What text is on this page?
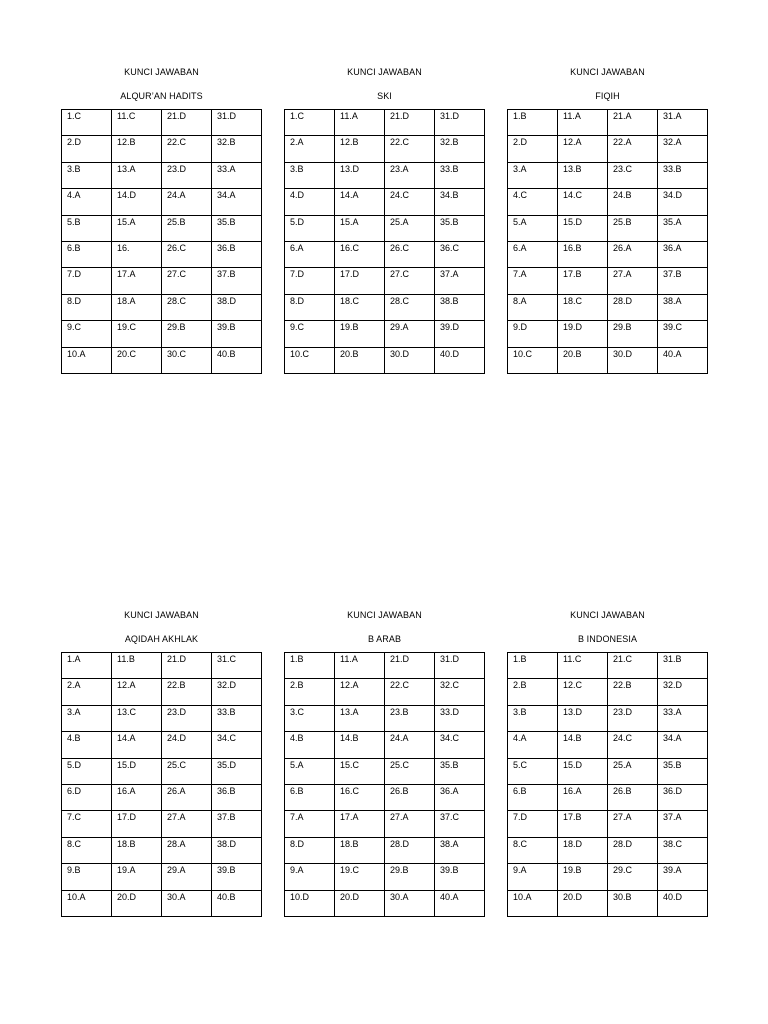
KUNCI JAWABAN
ALQUR’AN HADITS
1.C	11.C	21.D	31.D
2.D	12.B	22.C	32.B
3.B	13.A	23.D	33.A
4.A	14.D	24.A	34.A
5.B	15.A	25.B	35.B
6.B	16.	26.C	36.B
7.D	17.A	27.C	37.B
8.D	18.A	28.C	38.D
9.C	19.C	29.B	39.B
10.A	20.C	30.C	40.B
KUNCI JAWABAN
SKI
1.C	11.A	21.D	31.D
2.A	12.B	22.C	32.B
3.B	13.D	23.A	33.B
4.D	14.A	24.C	34.B
5.D	15.A	25.A	35.B
6.A	16.C	26.C	36.C
7.D	17.D	27.C	37.A
8.D	18.C	28.C	38.B
9.C	19.B	29.A	39.D
10.C	20.B	30.D	40.D
KUNCI JAWABAN
FIQIH
1.B	11.A	21.A	31.A
2.D	12.A	22.A	32.A
3.A	13.B	23.C	33.B
4.C	14.C	24.B	34.D
5.A	15.D	25.B	35.A
6.A	16.B	26.A	36.A
7.A	17.B	27.A	37.B
8.A	18.C	28.D	38.A
9.D	19.D	29.B	39.C
10.C	20.B	30.D	40.A
KUNCI JAWABAN
AQIDAH AKHLAK
1.A	11.B	21.D	31.C
2.A	12.A	22.B	32.D
3.A	13.C	23.D	33.B
4.B	14.A	24.D	34.C
5.D	15.D	25.C	35.D
6.D	16.A	26.A	36.B
7.C	17.D	27.A	37.B
8.C	18.B	28.A	38.D
9.B	19.A	29.A	39.B
10.A	20.D	30.A	40.B
KUNCI JAWABAN
B ARAB
1.B	11.A	21.D	31.D
2.B	12.A	22.C	32.C
3.C	13.A	23.B	33.D
4.B	14.B	24.A	34.C
5.A	15.C	25.C	35.B
6.B	16.C	26.B	36.A
7.A	17.A	27.A	37.C
8.D	18.B	28.D	38.A
9.A	19.C	29.B	39.B
10.D	20.D	30.A	40.A
KUNCI JAWABAN
B INDONESIA
1.B	11.C	21.C	31.B
2.B	12.C	22.B	32.D
3.B	13.D	23.D	33.A
4.A	14.B	24.C	34.A
5.C	15.D	25.A	35.B
6.B	16.A	26.B	36.D
7.D	17.B	27.A	37.A
8.C	18.D	28.D	38.C
9.A	19.B	29.C	39.A
10.A	20.D	30.B	40.D
